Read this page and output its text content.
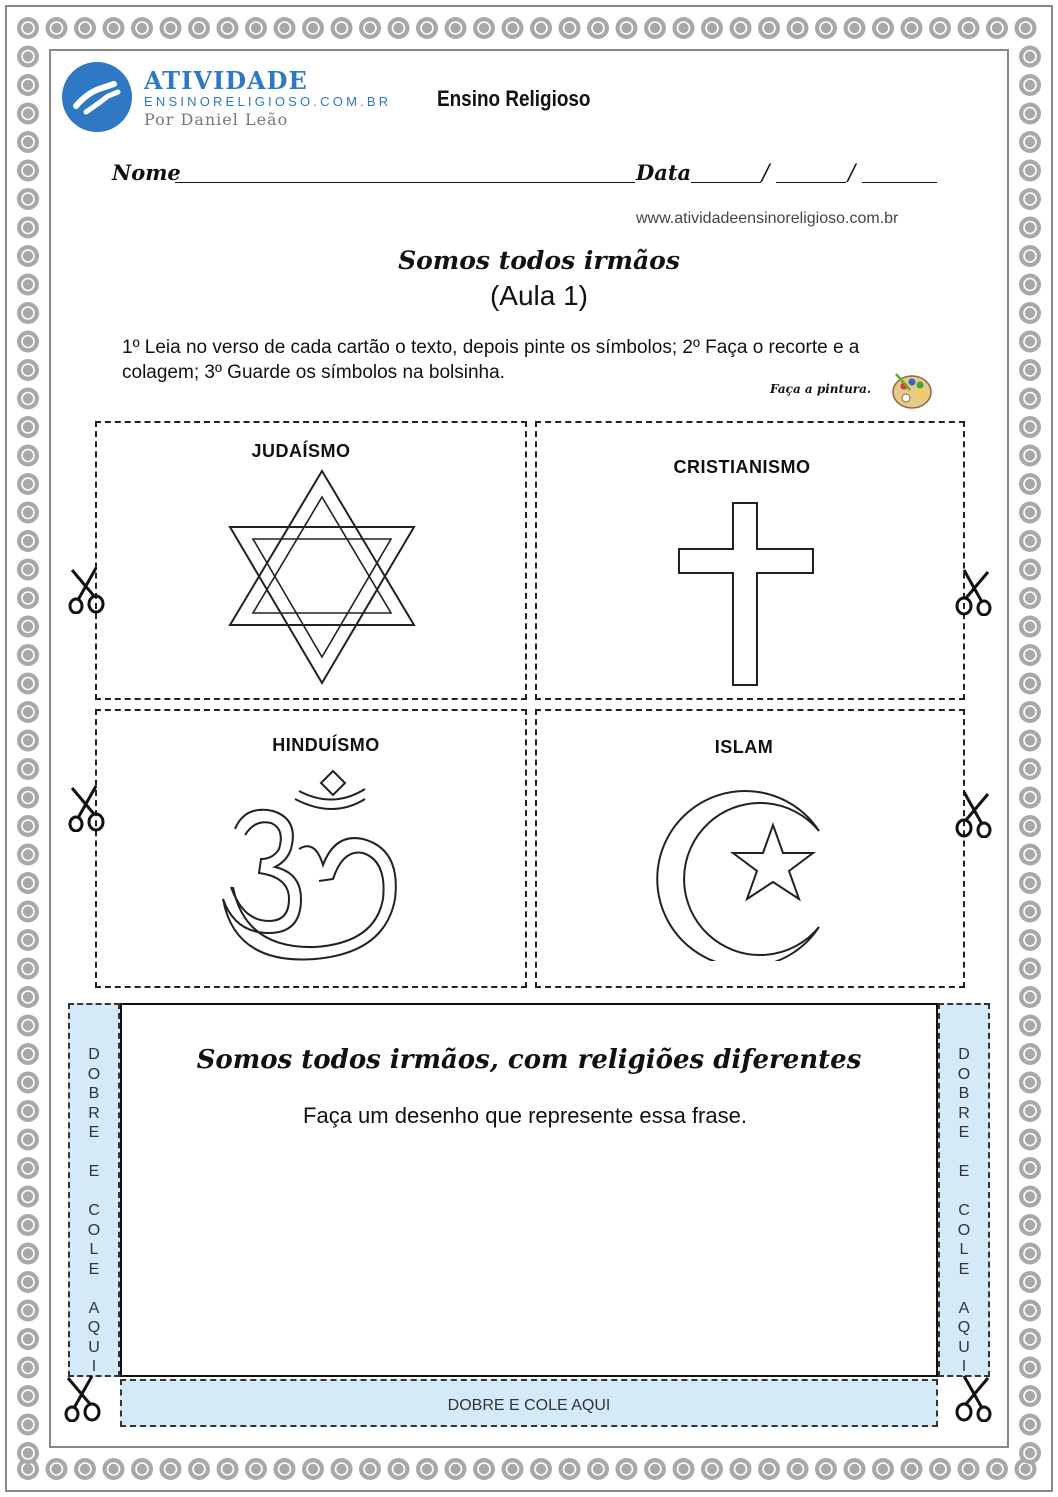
ATIVIDADE
ENSINORELIGIOSO.COM.BR
Por Daniel Leão
Ensino Religioso
Nome	Data	/	/
www.atividadeensinoreligioso.com.br
Somos todos irmãos
(Aula 1)
1º Leia no verso de cada cartão o texto, depois pinte os símbolos; 2º Faça o recorte e a colagem; 3º Guarde os símbolos na bolsinha.
Faça a pintura.
JUDAÍSMO
CRISTIANISMO
HINDUÍSMO	ISLAM
Somos todos irmãos, com religiões diferentes
Faça um desenho que represente essa frase.
D
O
B
R
E

E

C
O
L
E

A
Q
U
I
D
O
B
R
E

E

C
O
L
E

A
Q
U
I
DOBRE E COLE AQUI
